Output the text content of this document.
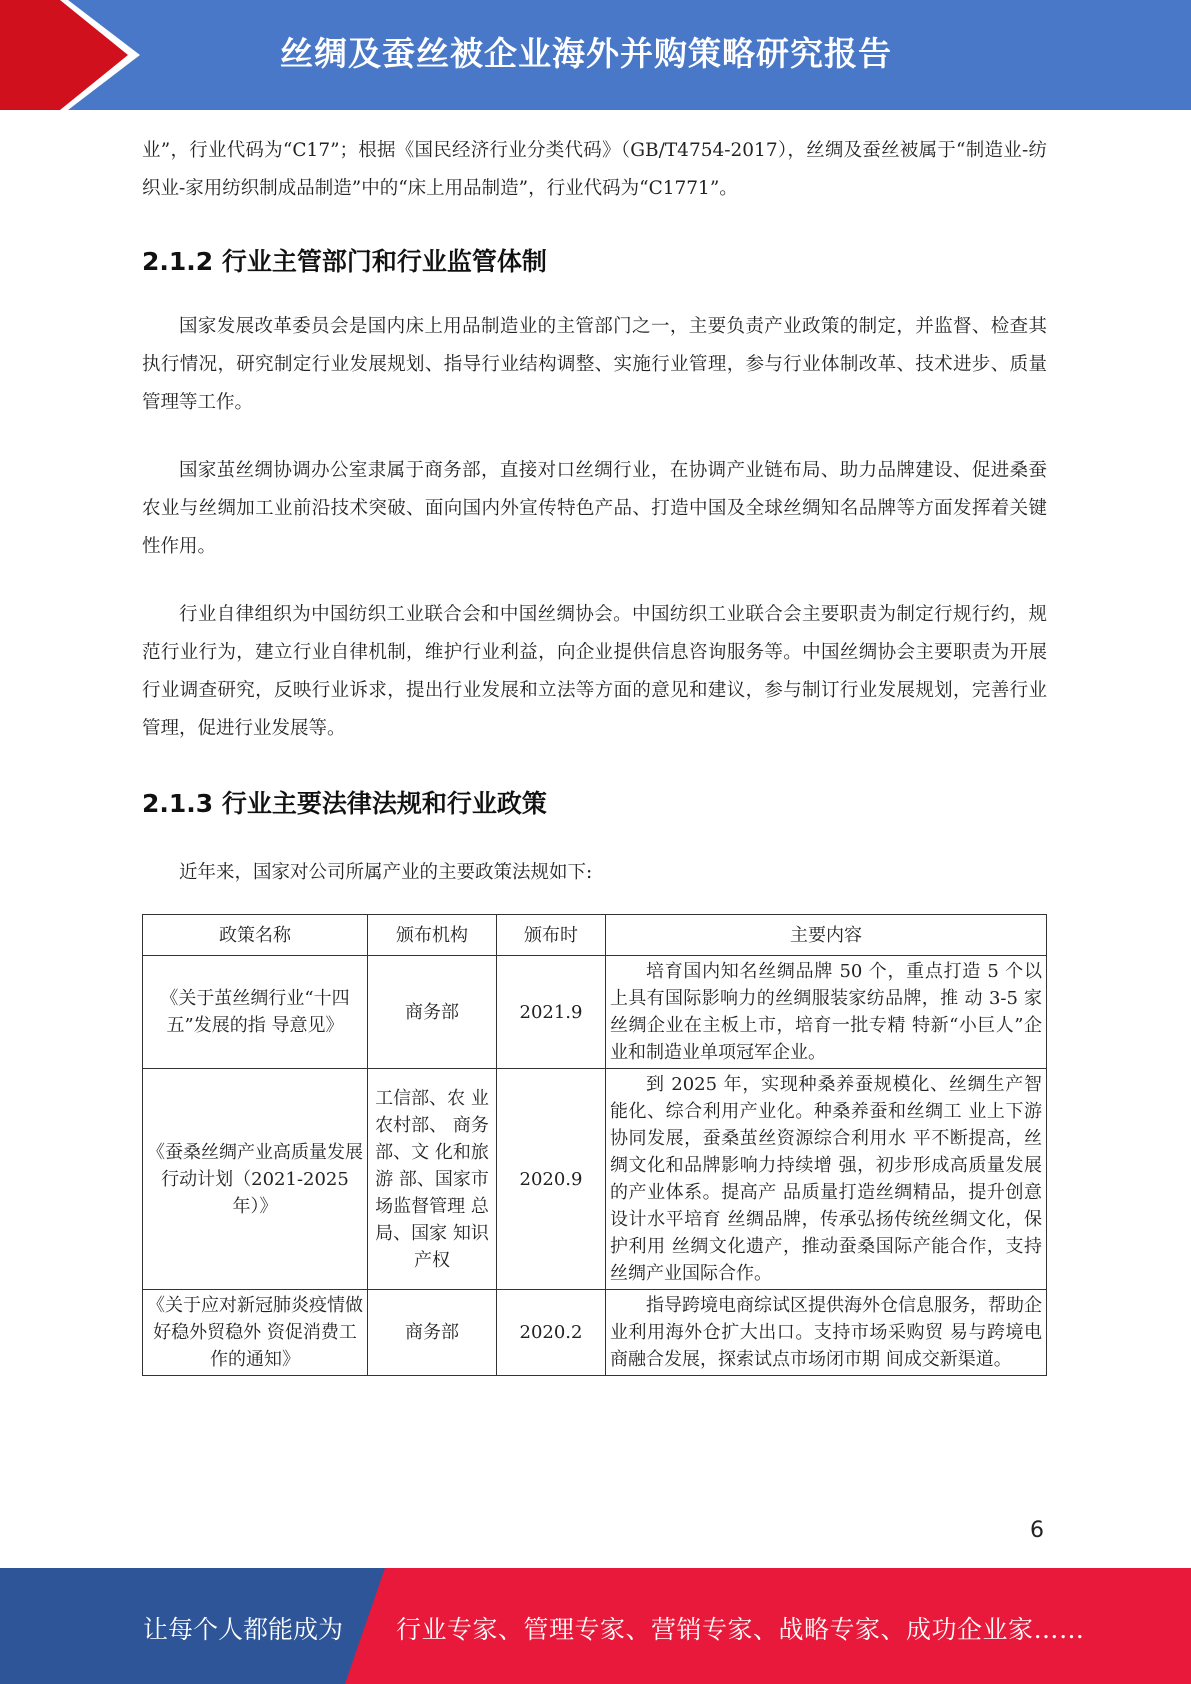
丝绸及蚕丝被企业海外并购策略研究报告

业”，行业代码为“C17”；根据《国民经济行业分类代码》（GB/T4754-2017），丝绸及蚕丝被属于“制造业-纺织业-家用纺织制成品制造”中的“床上用品制造”，行业代码为“C1771”。

2.1.2 行业主管部门和行业监管体制

国家发展改革委员会是国内床上用品制造业的主管部门之一，主要负责产业政策的制定，并监督、检查其执行情况，研究制定行业发展规划、指导行业结构调整、实施行业管理，参与行业体制改革、技术进步、质量管理等工作。

国家茧丝绸协调办公室隶属于商务部，直接对口丝绸行业，在协调产业链布局、助力品牌建设、促进桑蚕农业与丝绸加工业前沿技术突破、面向国内外宣传特色产品、打造中国及全球丝绸知名品牌等方面发挥着关键性作用。

行业自律组织为中国纺织工业联合会和中国丝绸协会。中国纺织工业联合会主要职责为制定行规行约，规范行业行为，建立行业自律机制，维护行业利益，向企业提供信息咨询服务等。中国丝绸协会主要职责为开展行业调查研究，反映行业诉求，提出行业发展和立法等方面的意见和建议，参与制订行业发展规划，完善行业管理，促进行业发展等。

2.1.3 行业主要法律法规和行业政策

近年来，国家对公司所属产业的主要政策法规如下:

政策名称	颁布机构	颁布时	主要内容
《关于茧丝绸行业“十四五”发展的指 导意见》	商务部	2021.9	培育国内知名丝绸品牌 50 个，重点打造 5 个以上具有国际影响力的丝绸服装家纺品牌，推 动 3-5 家丝绸企业在主板上市，培育一批专精 特新“小巨人”企业和制造业单项冠军企业。
《蚕桑丝绸产业高质量发展行动计划（2021-2025 年）》	工信部、农 业农村部、 商务部、文 化和旅游 部、国家市 场监督管理 总局、国家 知识产权	2020.9	到 2025 年，实现种桑养蚕规模化、丝绸生产智能化、综合利用产业化。种桑养蚕和丝绸工 业上下游协同发展，蚕桑茧丝资源综合利用水 平不断提高，丝绸文化和品牌影响力持续增 强，初步形成高质量发展的产业体系。提高产 品质量打造丝绸精品，提升创意设计水平培育 丝绸品牌，传承弘扬传统丝绸文化，保护利用 丝绸文化遗产，推动蚕桑国际产能合作，支持 丝绸产业国际合作。
《关于应对新冠肺炎疫情做好稳外贸稳外 资促消费工作的通知》	商务部	2020.2	指导跨境电商综试区提供海外仓信息服务，帮助企业利用海外仓扩大出口。支持市场采购贸 易与跨境电商融合发展，探索试点市场闭市期 间成交新渠道。
6
让每个人都能成为 行业专家、管理专家、营销专家、战略专家、成功企业家……
